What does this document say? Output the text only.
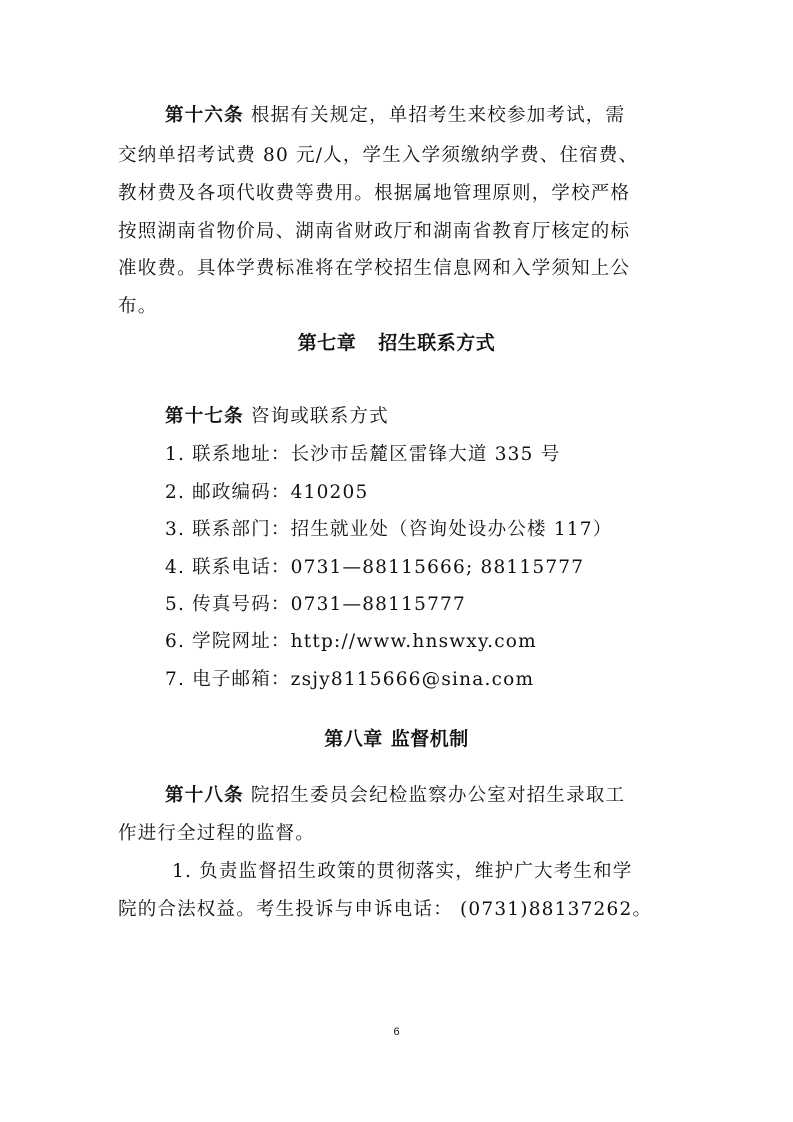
第十六条 根据有关规定，单招考生来校参加考试，需
交纳单招考试费 80 元/人，学生入学须缴纳学费、住宿费、
教材费及各项代收费等费用。根据属地管理原则，学校严格
按照湖南省物价局、湖南省财政厅和湖南省教育厅核定的标
准收费。具体学费标准将在学校招生信息网和入学须知上公
布。
第七章 招生联系方式
第十七条 咨询或联系方式
1. 联系地址：长沙市岳麓区雷锋大道 335 号
2. 邮政编码：410205
3. 联系部门：招生就业处（咨询处设办公楼 117）
4. 联系电话：0731—88115666; 88115777
5. 传真号码：0731—88115777
6. 学院网址：http://www.hnswxy.com
7. 电子邮箱：zsjy8115666@sina.com
第八章 监督机制
第十八条 院招生委员会纪检监察办公室对招生录取工
作进行全过程的监督。
1. 负责监督招生政策的贯彻落实，维护广大考生和学
院的合法权益。考生投诉与申诉电话： (0731)88137262。
6
